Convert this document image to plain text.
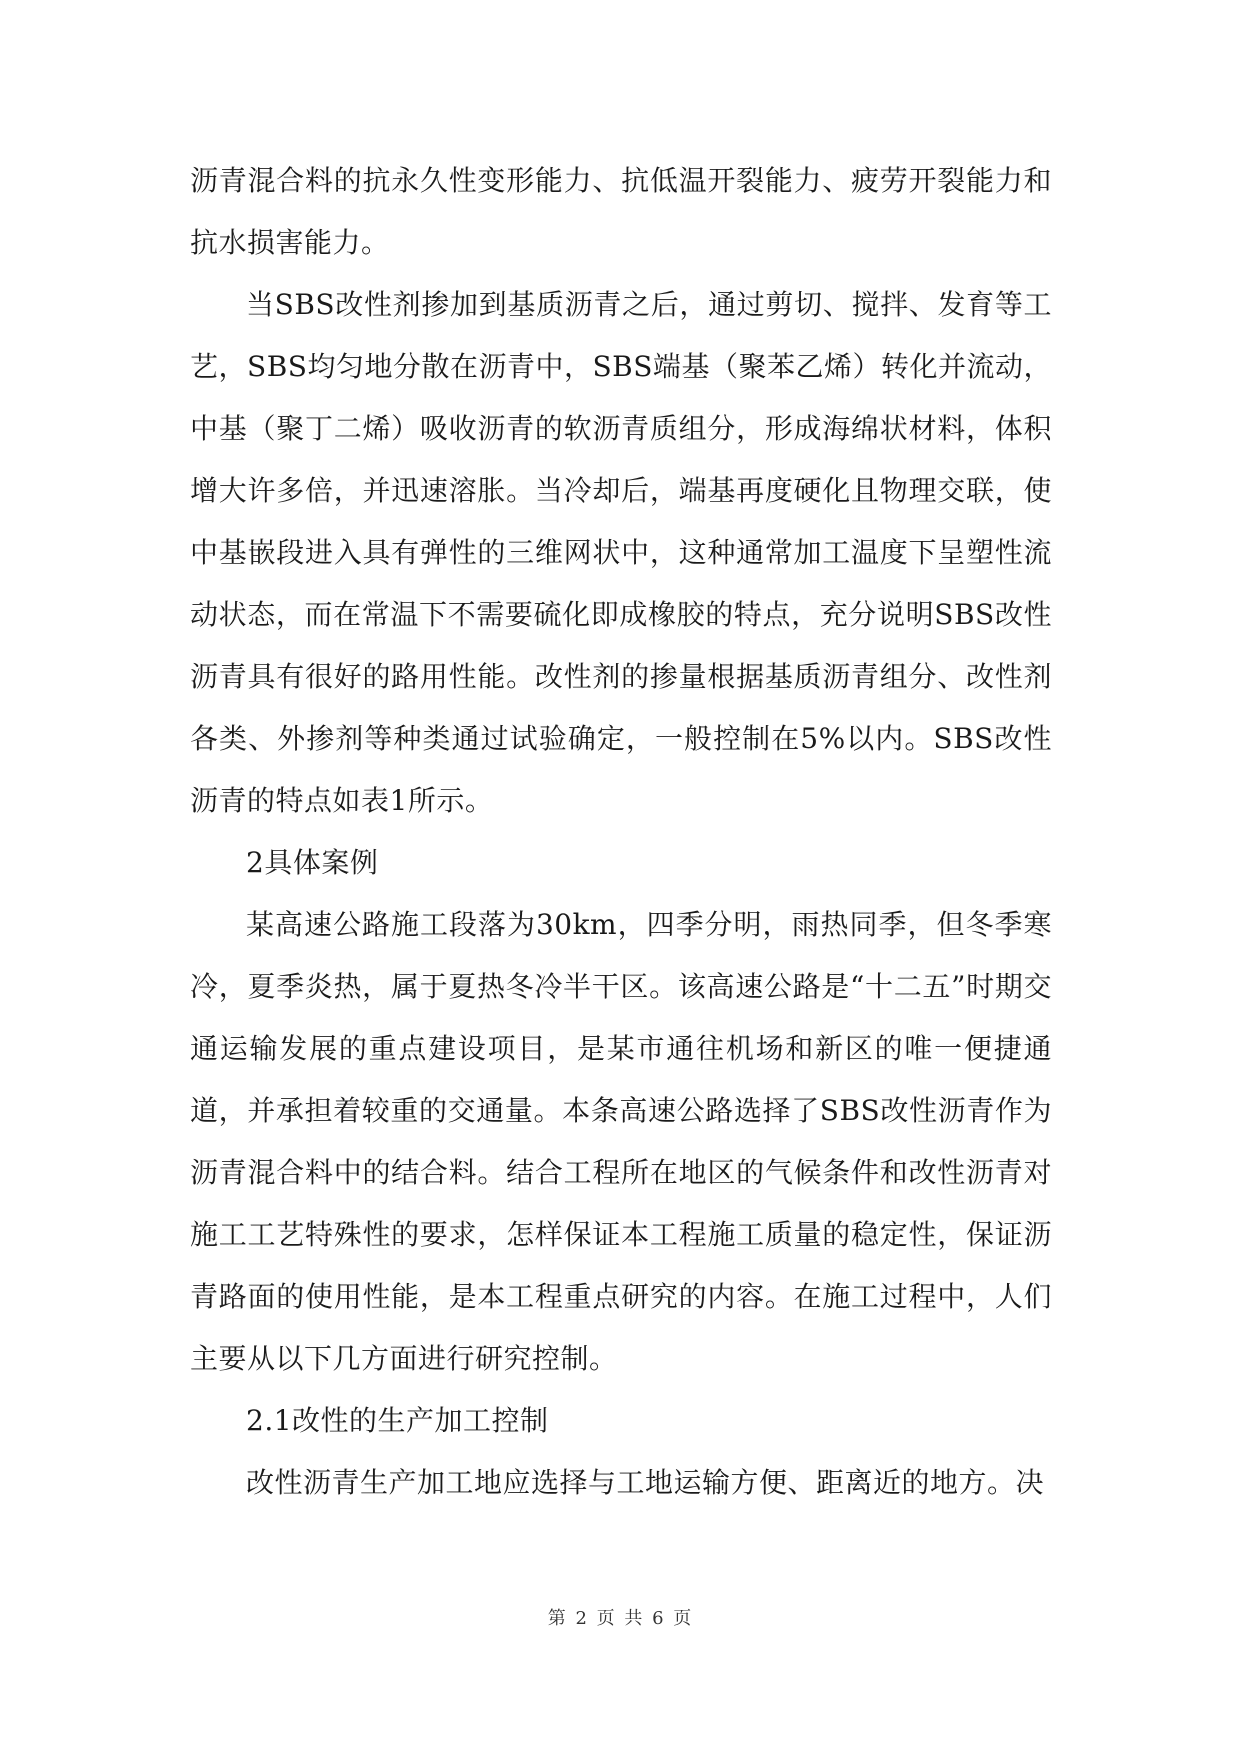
沥青混合料的抗永久性变形能力、抗低温开裂能力、疲劳开裂能力和抗水损害能力。

当SBS改性剂掺加到基质沥青之后，通过剪切、搅拌、发育等工艺，SBS均匀地分散在沥青中，SBS端基（聚苯乙烯）转化并流动，中基（聚丁二烯）吸收沥青的软沥青质组分，形成海绵状材料，体积增大许多倍，并迅速溶胀。当冷却后，端基再度硬化且物理交联，使中基嵌段进入具有弹性的三维网状中，这种通常加工温度下呈塑性流动状态，而在常温下不需要硫化即成橡胶的特点，充分说明SBS改性沥青具有很好的路用性能。改性剂的掺量根据基质沥青组分、改性剂各类、外掺剂等种类通过试验确定，一般控制在5%以内。SBS改性沥青的特点如表1所示。

2具体案例

某高速公路施工段落为30km，四季分明，雨热同季，但冬季寒冷，夏季炎热，属于夏热冬冷半干区。该高速公路是“十二五”时期交通运输发展的重点建设项目，是某市通往机场和新区的唯一便捷通道，并承担着较重的交通量。本条高速公路选择了SBS改性沥青作为沥青混合料中的结合料。结合工程所在地区的气候条件和改性沥青对施工工艺特殊性的要求，怎样保证本工程施工质量的稳定性，保证沥青路面的使用性能，是本工程重点研究的内容。在施工过程中，人们主要从以下几方面进行研究控制。

2.1改性的生产加工控制

改性沥青生产加工地应选择与工地运输方便、距离近的地方。决

第 2 页 共 6 页
